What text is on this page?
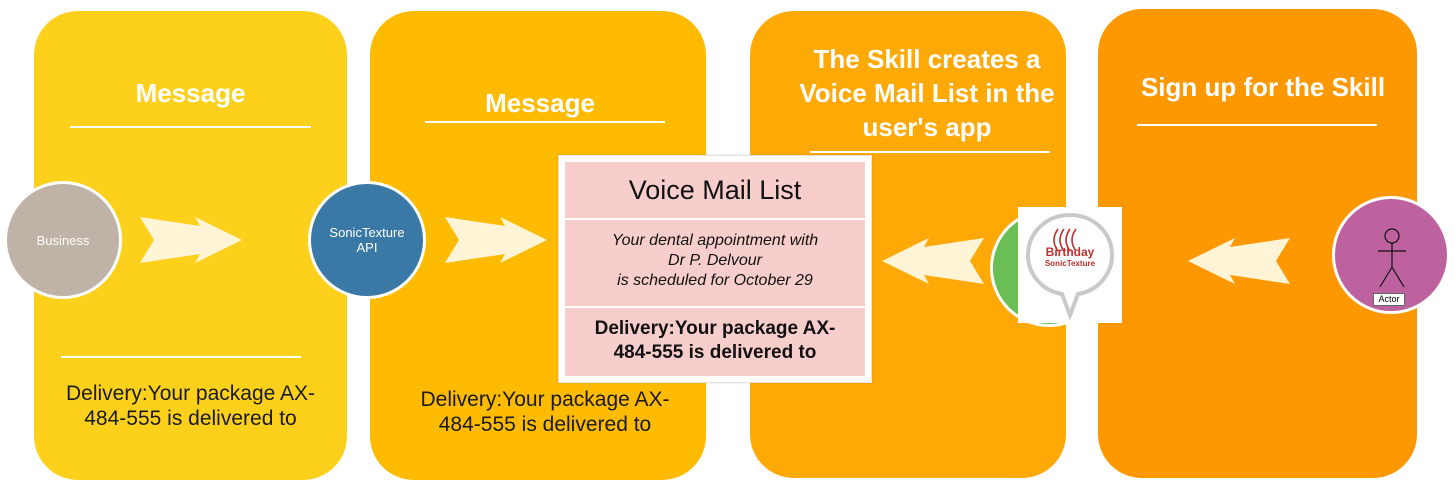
Message
Delivery:Your package AX-
484-555 is delivered to
Message
Delivery:Your package AX-
484-555 is delivered to
The Skill creates a
Voice Mail List in the
user's app
Sign up for the Skill
Business	SonicTexture
API	Birthday
SonicTexture
Actor
Voice Mail List
Your dental appointment with
Dr P. Delvour
is scheduled for October 29
Delivery:Your package AX-
484-555 is delivered to
